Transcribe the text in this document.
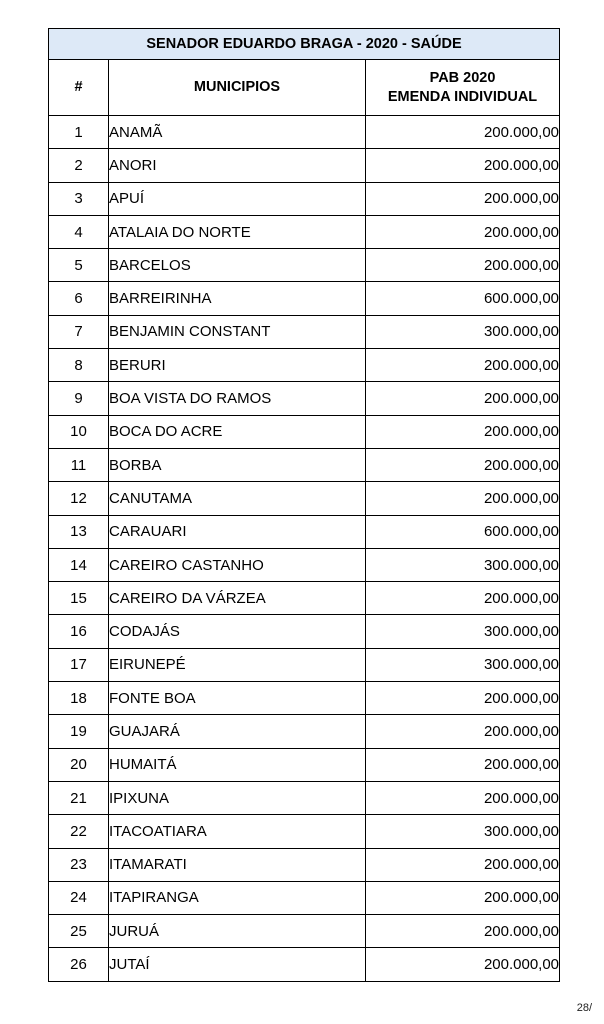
SENADOR EDUARDO BRAGA - 2020 - SAÚDE		
#	MUNICIPIOS	PAB 2020
EMENDA INDIVIDUAL

1	ANAMÃ	200.000,00
2	ANORI	200.000,00
3	APUÍ	200.000,00
4	ATALAIA DO NORTE	200.000,00
5	BARCELOS	200.000,00
6	BARREIRINHA	600.000,00
7	BENJAMIN CONSTANT	300.000,00
8	BERURI	200.000,00
9	BOA VISTA DO RAMOS	200.000,00
10	BOCA DO ACRE	200.000,00
11	BORBA	200.000,00
12	CANUTAMA	200.000,00
13	CARAUARI	600.000,00
14	CAREIRO CASTANHO	300.000,00
15	CAREIRO DA VÁRZEA	200.000,00
16	CODAJÁS	300.000,00
17	EIRUNEPÉ	300.000,00
18	FONTE BOA	200.000,00
19	GUAJARÁ	200.000,00
20	HUMAITÁ	200.000,00
21	IPIXUNA	200.000,00
22	ITACOATIARA	300.000,00
23	ITAMARATI	200.000,00
24	ITAPIRANGA	200.000,00
25	JURUÁ	200.000,00
26	JUTAÍ	200.000,00
28/
